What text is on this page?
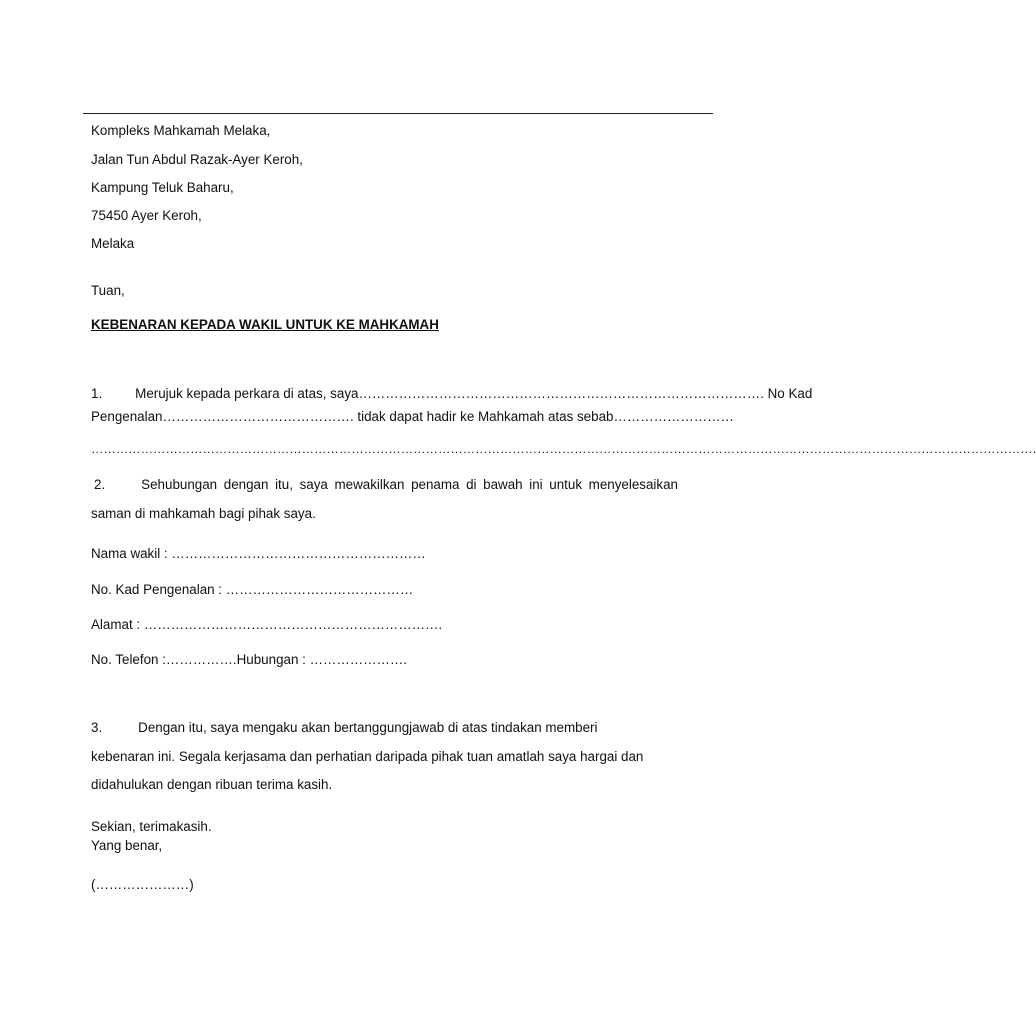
Kompleks Mahkamah Melaka,
Jalan Tun Abdul Razak-Ayer Keroh,
Kampung Teluk Baharu,
75450 Ayer Keroh,
Melaka
Tuan,
KEBENARAN KEPADA WAKIL UNTUK KE MAHKAMAH
1. Merujuk kepada perkara di atas, saya………………………………………………………………………………. No Kad
Pengenalan……………………………………. tidak dapat hadir ke Mahkamah atas sebab………………………
………………………………………………………………………………………………………………………………………………………………………………………………………….
2.	Sehubungan dengan itu, saya mewakilkan penama di bawah ini untuk menyelesaikan
saman di mahkamah bagi pihak saya.
Nama wakil : …………………………………………………
No. Kad Pengenalan : ……………………………………
Alamat : ………………………………………………………….
No. Telefon :…………….Hubungan : ………………….
3.	Dengan itu, saya mengaku akan bertanggungjawab di atas tindakan memberi
kebenaran ini. Segala kerjasama dan perhatian daripada pihak tuan amatlah saya hargai dan
didahulukan dengan ribuan terima kasih.
Sekian, terimakasih.
Yang benar,
(…………………)
